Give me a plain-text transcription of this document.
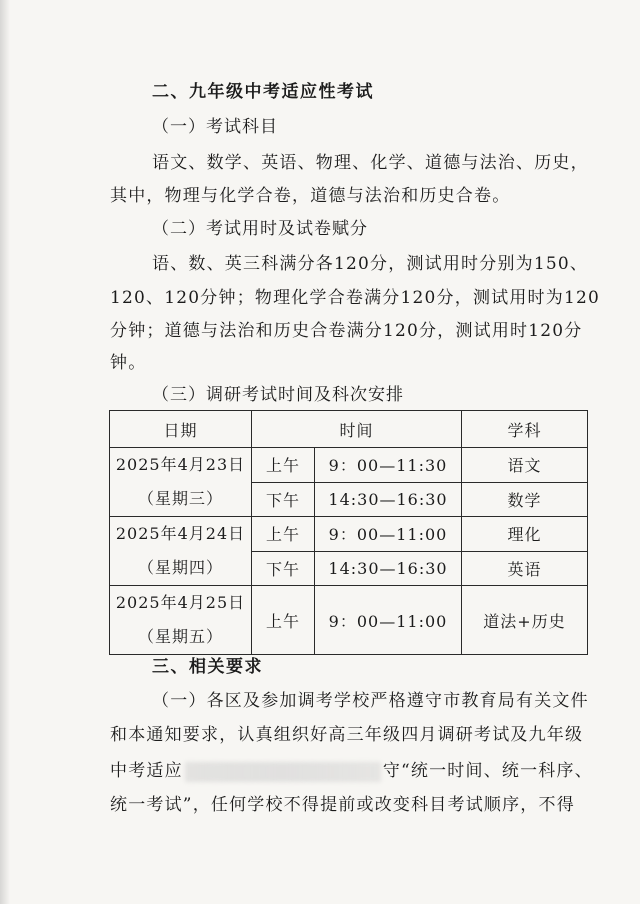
二、九年级中考适应性考试
（一）考试科目
语文、数学、英语、物理、化学、道德与法治、历史，
其中，物理与化学合卷，道德与法治和历史合卷。
（二）考试用时及试卷赋分
语、数、英三科满分各120分，测试用时分别为150、
120、120分钟；物理化学合卷满分120分，测试用时为120
分钟；道德与法治和历史合卷满分120分，测试用时120分
钟。
（三）调研考试时间及科次安排
日期	时间		学科

2025年4月23日
（星期三）	上午	9：00—11:30	语文
	下午	14:30—16:30	数学

2025年4月24日
（星期四）	上午	9：00—11:00	理化
	下午	14:30—16:30	英语

2025年4月25日
（星期五）	上午	9：00—11:00	道法+历史
三、相关要求
（一）各区及参加调考学校严格遵守市教育局有关文件
和本通知要求，认真组织好高三年级四月调研考试及九年级
中考适应	守“统一时间、统一科序、
统一考试”，任何学校不得提前或改变科目考试顺序，不得
